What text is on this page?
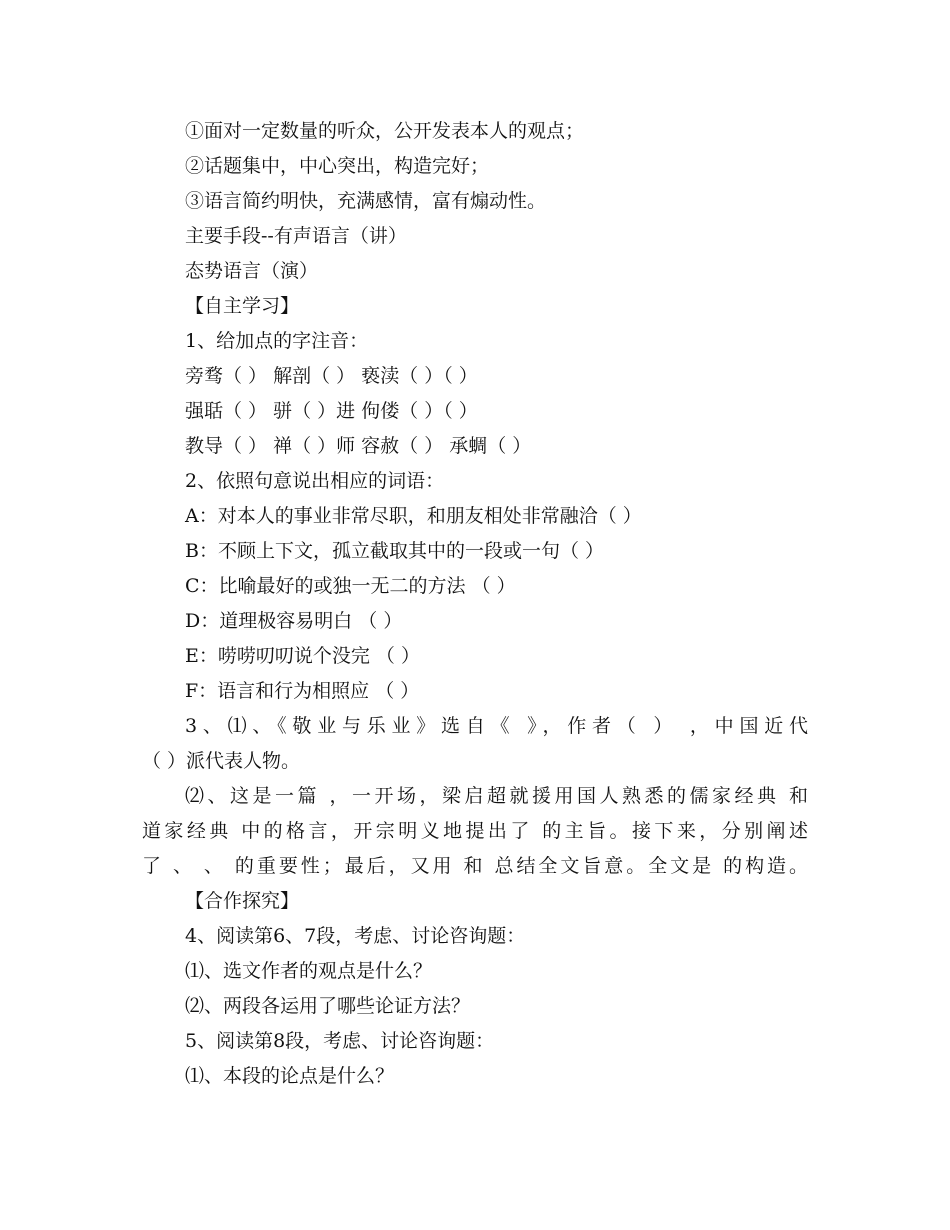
①面对一定数量的听众，公开发表本人的观点；
②话题集中，中心突出，构造完好；
③语言简约明快，充满感情，富有煽动性。
主要手段--有声语言（讲）
态势语言（演）
【自主学习】
1、给加点的字注音：
旁骛（ ） 解剖（ ） 亵渎（ ）（ ）
强聒（ ） 骈（ ）进 佝偻（ ）（ ）
教导（ ） 禅（ ）师 容赦（ ） 承蜩（ ）
2、依照句意说出相应的词语：
A：对本人的事业非常尽职，和朋友相处非常融洽（ ）
B：不顾上下文，孤立截取其中的一段或一句（ ）
C：比喻最好的或独一无二的方法 （ ）
D：道理极容易明白 （ ）
E：唠唠叨叨说个没完 （ ）
F：语言和行为相照应 （ ）
3、⑴、《敬业与乐业》选自《 》，作者（ ） ，中国近代
（ ）派代表人物。
⑵、这是一篇 ，一开场，梁启超就援用国人熟悉的儒家经典 和
道家经典 中的格言，开宗明义地提出了 的主旨。接下来，分别阐述
了 、 、 的重要性；最后，又用 和 总结全文旨意。全文是 的构造。
【合作探究】
4、阅读第6、7段，考虑、讨论咨询题：
⑴、选文作者的观点是什么？
⑵、两段各运用了哪些论证方法？
5、阅读第8段，考虑、讨论咨询题：
⑴、本段的论点是什么？
